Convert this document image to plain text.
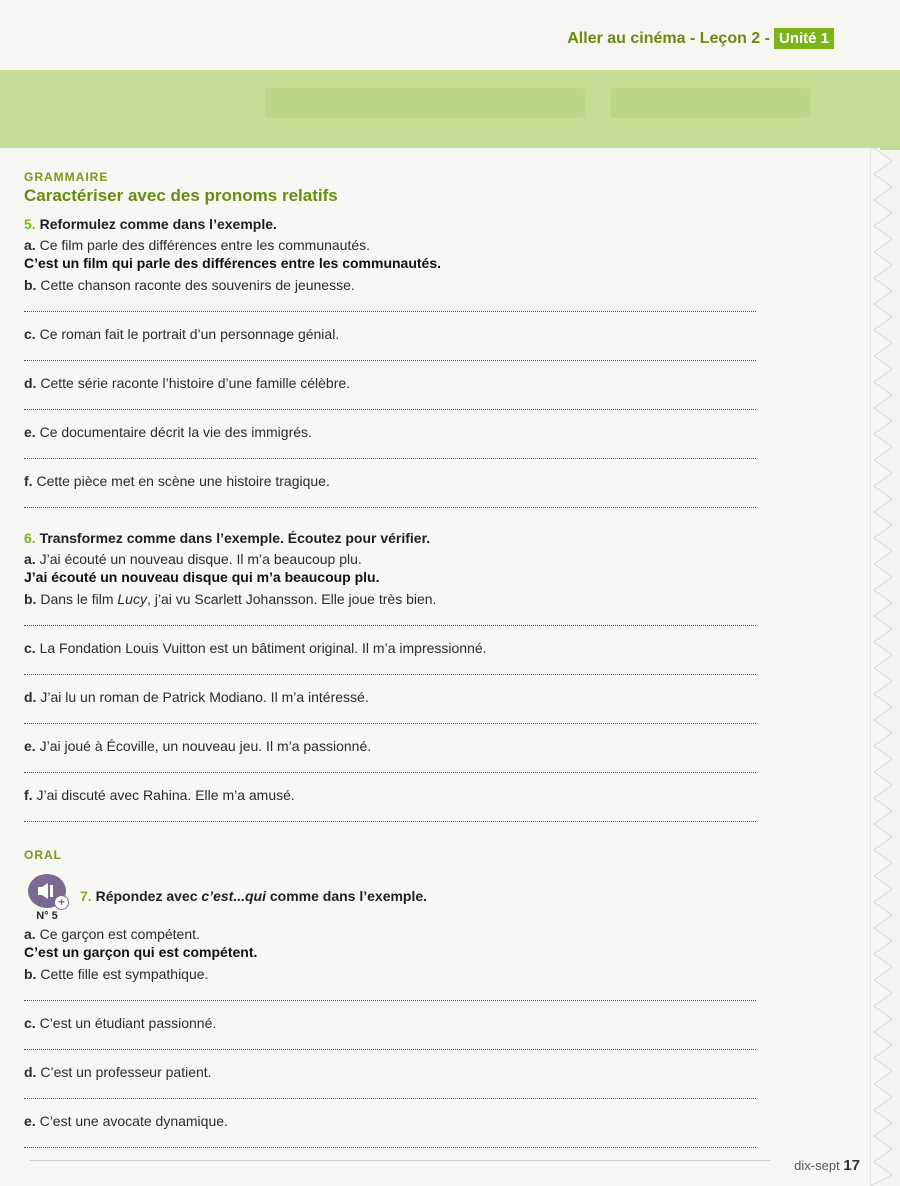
Aller au cinéma - Leçon 2 - Unité 1
GRAMMAIRE
Caractériser avec des pronoms relatifs
5. Reformulez comme dans l’exemple.
a. Ce film parle des différences entre les communautés.
C’est un film qui parle des différences entre les communautés.
b. Cette chanson raconte des souvenirs de jeunesse.
c. Ce roman fait le portrait d’un personnage génial.
d. Cette série raconte l’histoire d’une famille célèbre.
e. Ce documentaire décrit la vie des immigrés.
f. Cette pièce met en scène une histoire tragique.
6. Transformez comme dans l’exemple. Écoutez pour vérifier.
a. J’ai écouté un nouveau disque. Il m’a beaucoup plu.
J’ai écouté un nouveau disque qui m’a beaucoup plu.
b. Dans le film Lucy, j’ai vu Scarlett Johansson. Elle joue très bien.
c. La Fondation Louis Vuitton est un bâtiment original. Il m’a impressionné.
d. J’ai lu un roman de Patrick Modiano. Il m’a intéressé.
e. J’ai joué à Écoville, un nouveau jeu. Il m’a passionné.
f. J’ai discuté avec Rahina. Elle m’a amusé.
ORAL
+
N° 5
7. Répondez avec c’est...qui comme dans l’exemple.
a. Ce garçon est compétent.
C’est un garçon qui est compétent.
b. Cette fille est sympathique.
c. C’est un étudiant passionné.
d. C’est un professeur patient.
e. C’est une avocate dynamique.
dix-sept 17
